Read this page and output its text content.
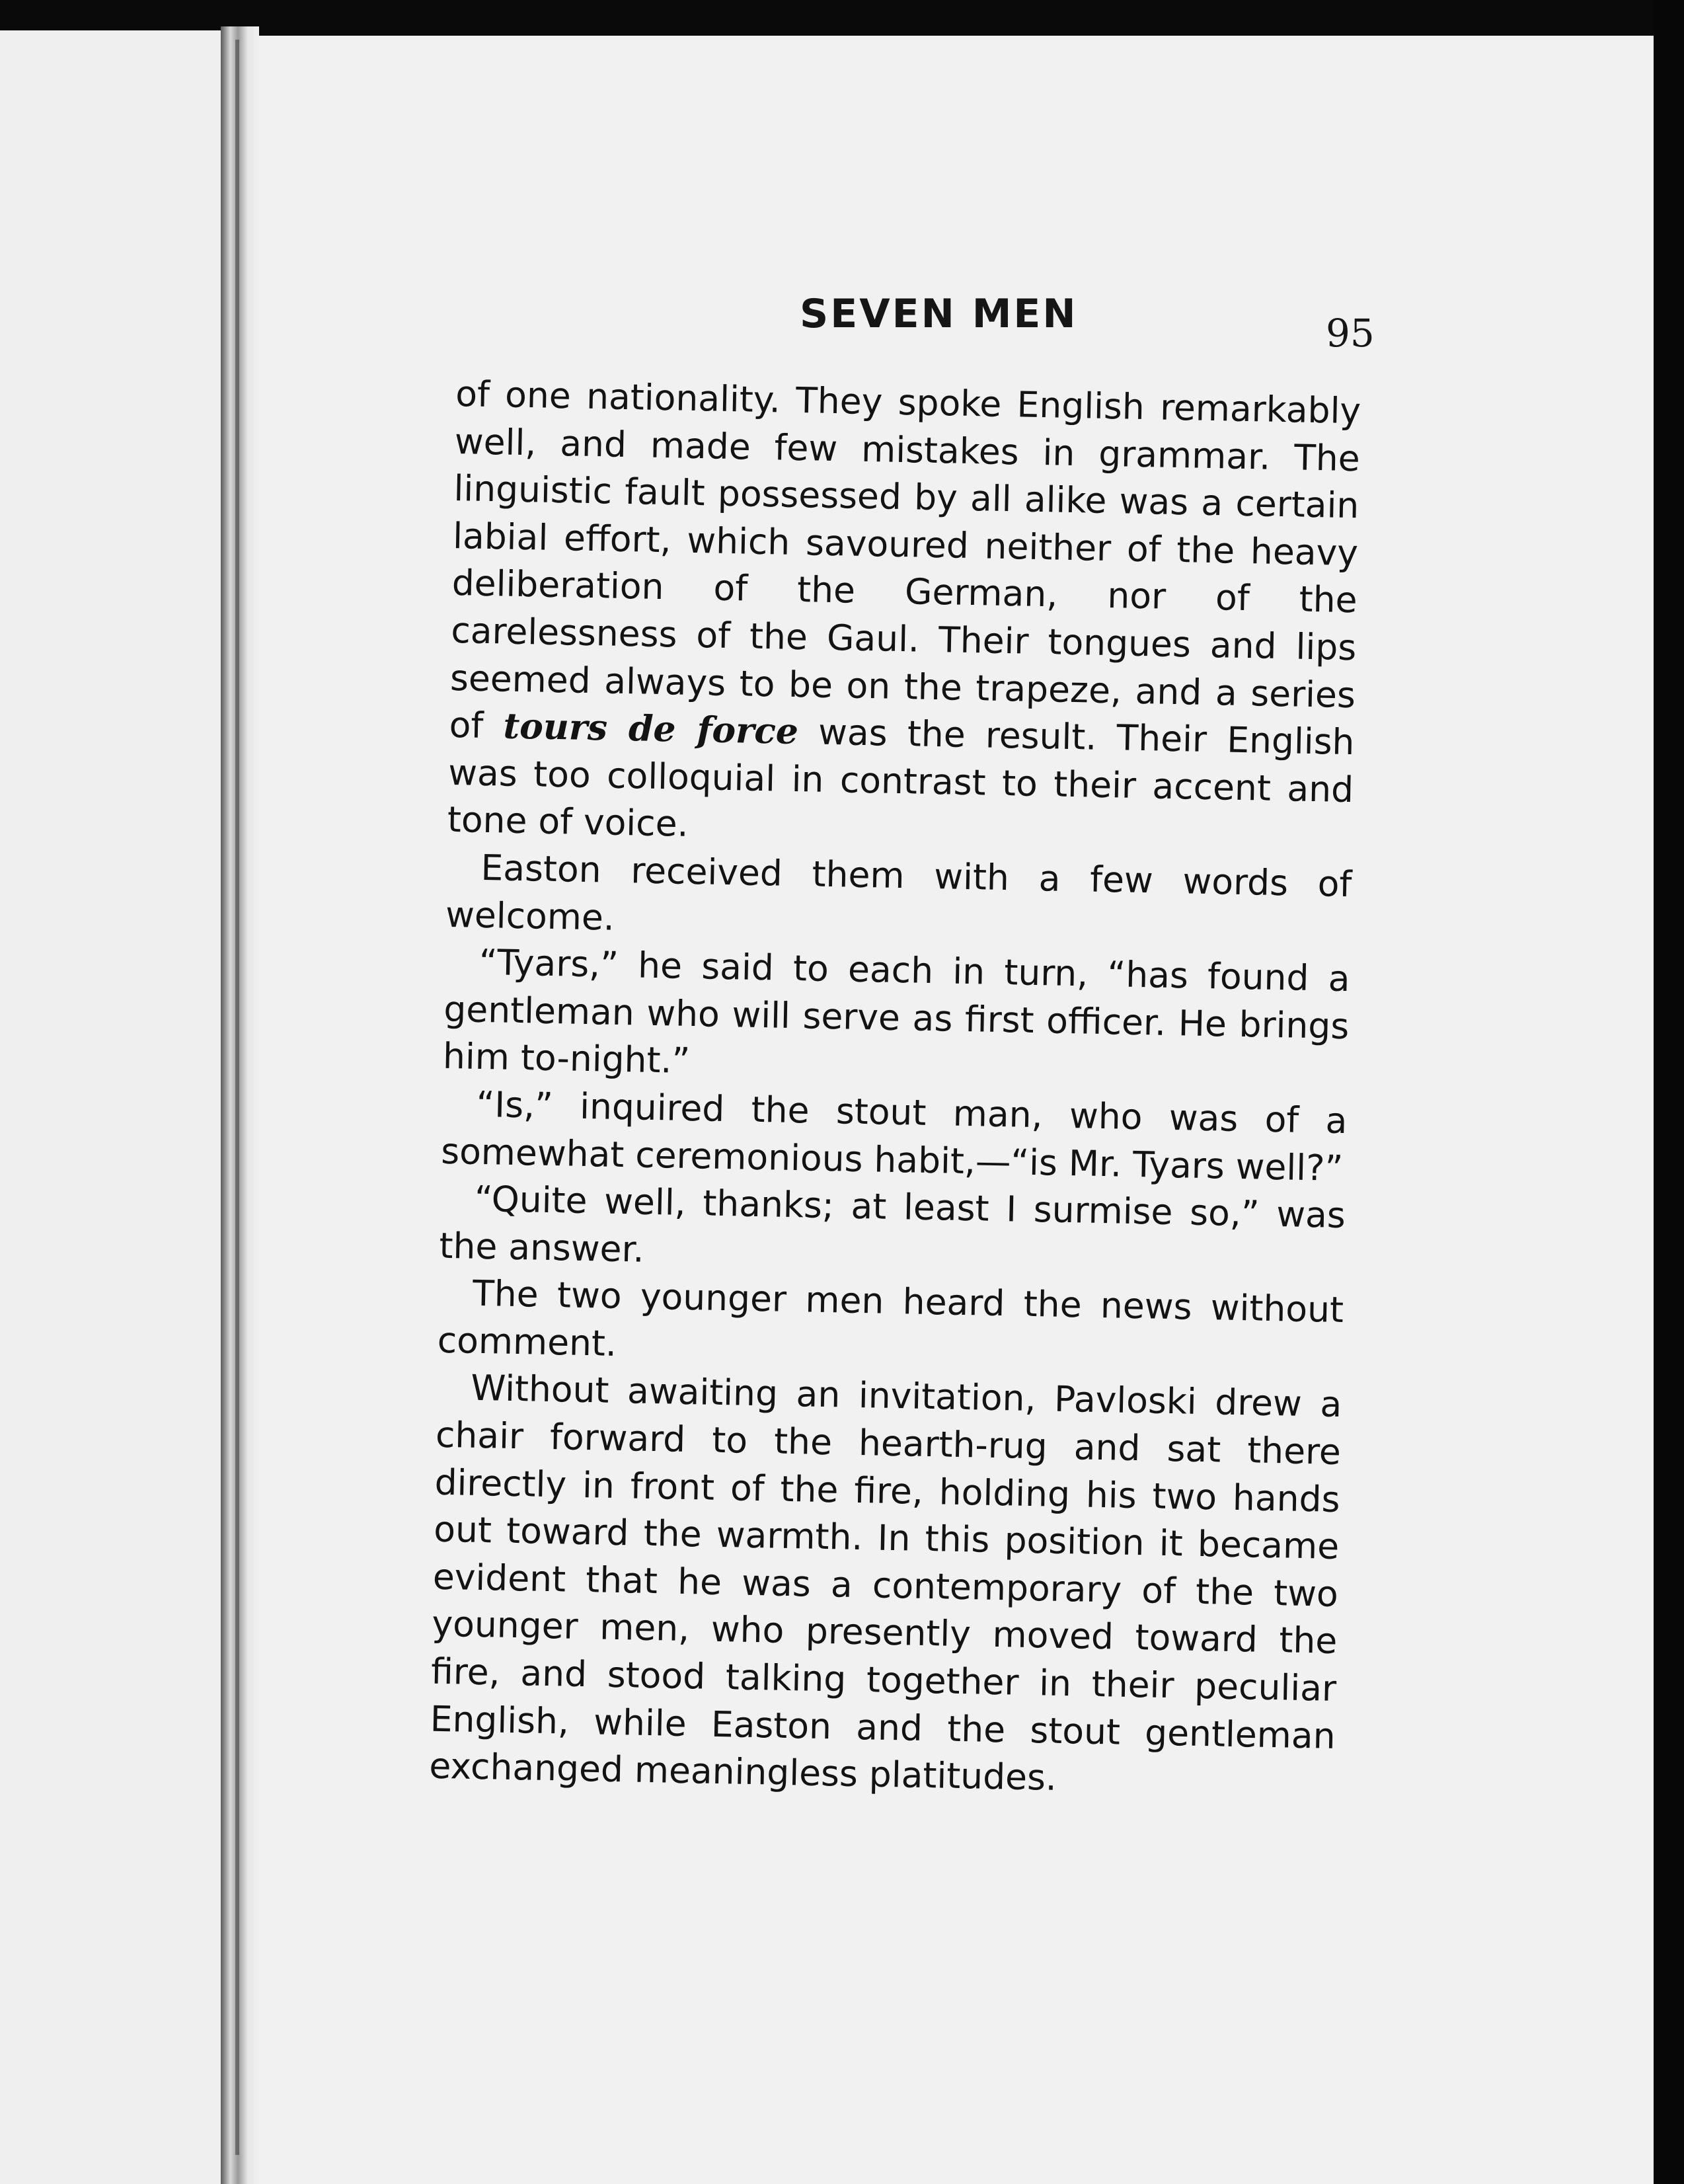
SEVEN MEN	95

of one nationality. They spoke English remarkably well, and made few mistakes in grammar. The linguistic fault possessed by all alike was a certain labial effort, which savoured neither of the heavy deliberation of the German, nor of the carelessness of the Gaul. Their tongues and lips seemed always to be on the trapeze, and a series of tours de force was the result. Their English was too colloquial in contrast to their accent and tone of voice.

Easton received them with a few words of welcome.

“Tyars,” he said to each in turn, “has found a gentleman who will serve as first officer. He brings him to-night.”

“Is,” inquired the stout man, who was of a somewhat ceremonious habit,—“is Mr. Tyars well?”

“Quite well, thanks; at least I surmise so,” was the answer.

The two younger men heard the news without comment.

Without awaiting an invitation, Pavloski drew a chair forward to the hearth-rug and sat there directly in front of the fire, holding his two hands out toward the warmth. In this position it became evident that he was a contemporary of the two younger men, who presently moved toward the fire, and stood talking together in their peculiar English, while Easton and the stout gentleman exchanged meaningless platitudes.
